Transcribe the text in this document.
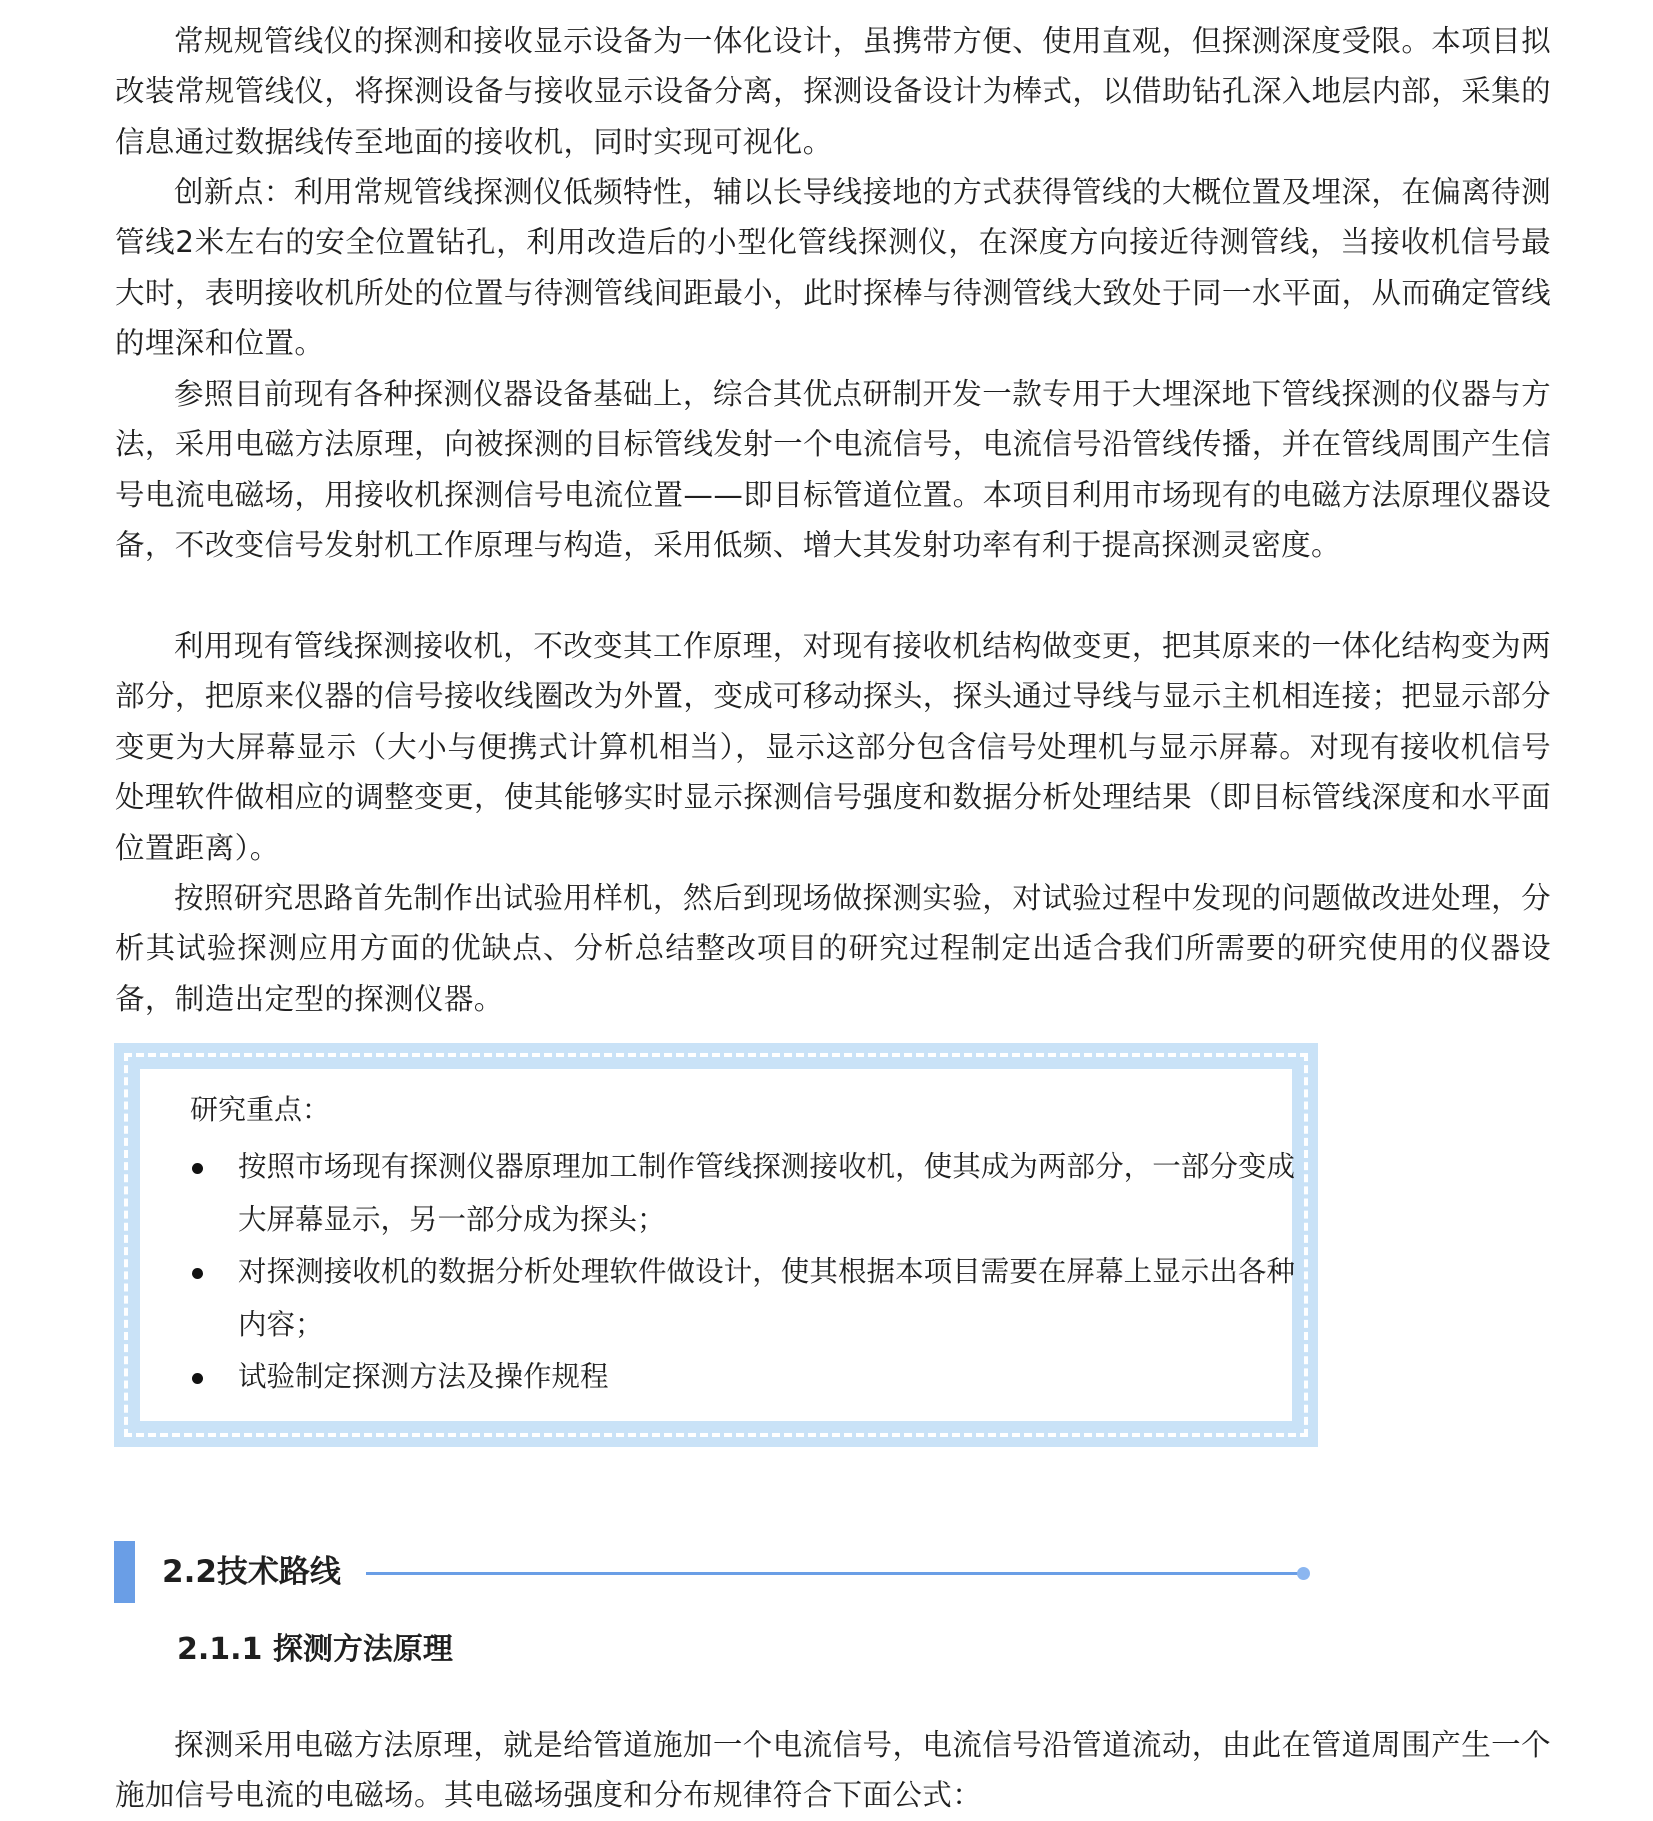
常规规管线仪的探测和接收显示设备为一体化设计，虽携带方便、使用直观，但探测深度受限。本项目拟改装常规管线仪，将探测设备与接收显示设备分离，探测设备设计为棒式，以借助钻孔深入地层内部，采集的信息通过数据线传至地面的接收机，同时实现可视化。

创新点：利用常规管线探测仪低频特性，辅以长导线接地的方式获得管线的大概位置及埋深，在偏离待测管线2米左右的安全位置钻孔，利用改造后的小型化管线探测仪，在深度方向接近待测管线，当接收机信号最大时，表明接收机所处的位置与待测管线间距最小，此时探棒与待测管线大致处于同一水平面，从而确定管线的埋深和位置。

参照目前现有各种探测仪器设备基础上，综合其优点研制开发一款专用于大埋深地下管线探测的仪器与方法，采用电磁方法原理，向被探测的目标管线发射一个电流信号，电流信号沿管线传播，并在管线周围产生信号电流电磁场，用接收机探测信号电流位置——即目标管道位置。本项目利用市场现有的电磁方法原理仪器设备，不改变信号发射机工作原理与构造，采用低频、增大其发射功率有利于提高探测灵密度。

利用现有管线探测接收机，不改变其工作原理，对现有接收机结构做变更，把其原来的一体化结构变为两部分，把原来仪器的信号接收线圈改为外置，变成可移动探头，探头通过导线与显示主机相连接；把显示部分变更为大屏幕显示（大小与便携式计算机相当），显示这部分包含信号处理机与显示屏幕。对现有接收机信号处理软件做相应的调整变更，使其能够实时显示探测信号强度和数据分析处理结果（即目标管线深度和水平面位置距离）。

按照研究思路首先制作出试验用样机，然后到现场做探测实验，对试验过程中发现的问题做改进处理，分析其试验探测应用方面的优缺点、分析总结整改项目的研究过程制定出适合我们所需要的研究使用的仪器设备，制造出定型的探测仪器。

研究重点：

按照市场现有探测仪器原理加工制作管线探测接收机，使其成为两部分，一部分变成大屏幕显示，另一部分成为探头；
对探测接收机的数据分析处理软件做设计，使其根据本项目需要在屏幕上显示出各种内容；
试验制定探测方法及操作规程
2.2技术路线
2.1.1 探测方法原理

探测采用电磁方法原理，就是给管道施加一个电流信号，电流信号沿管道流动，由此在管道周围产生一个施加信号电流的电磁场。其电磁场强度和分布规律符合下面公式：
